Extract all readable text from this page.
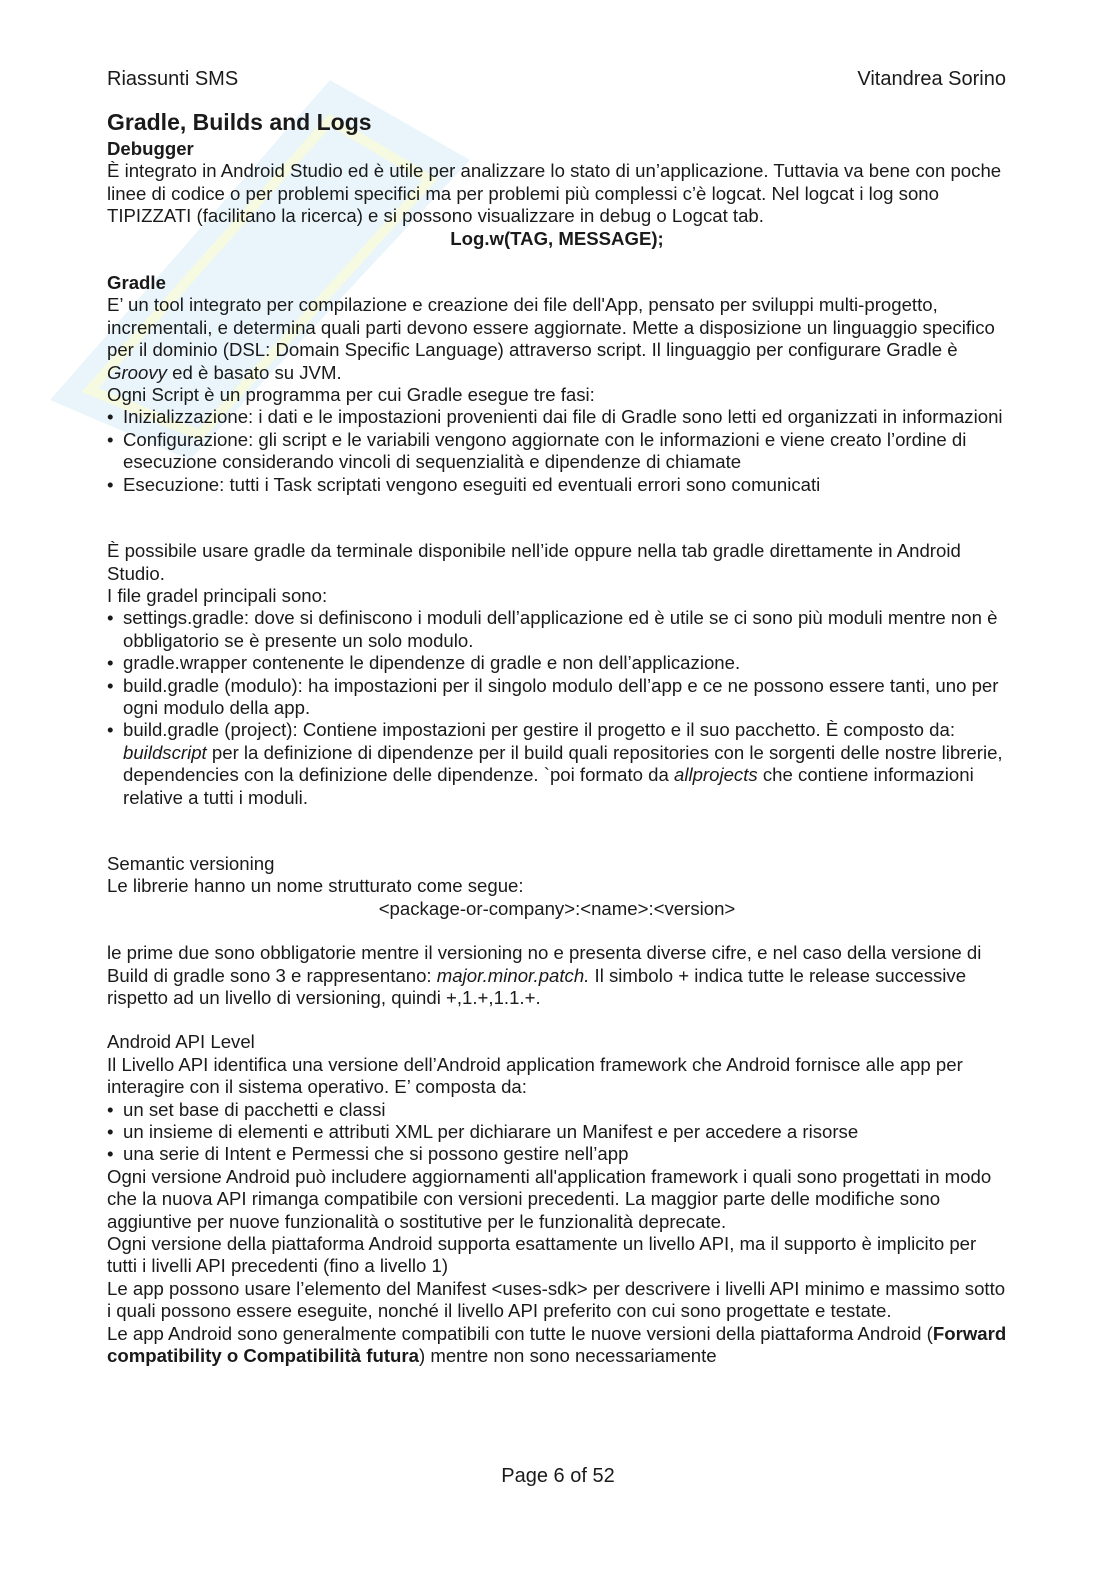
Riassunti SMS	Vitandrea Sorino
Gradle, Builds and Logs
Debugger

È integrato in Android Studio ed è utile per analizzare lo stato di un’applicazione. Tuttavia va bene con poche linee di codice o per problemi specifici ma per problemi più complessi c’è logcat. Nel logcat i log sono TIPIZZATI (facilitano la ricerca) e si possono visualizzare in debug o Logcat tab.

Log.w(TAG, MESSAGE);

Gradle

E’ un tool integrato per compilazione e creazione dei file dell'App, pensato per sviluppi multi-progetto, incrementali, e determina quali parti devono essere aggiornate. Mette a disposizione un linguaggio specifico per il dominio (DSL: Domain Specific Language) attraverso script. Il linguaggio per configurare Gradle è Groovy ed è basato su JVM.

Ogni Script è un programma per cui Gradle esegue tre fasi:

• Inizializzazione: i dati e le impostazioni provenienti dai file di Gradle sono letti ed organizzati in informazioni
• Configurazione: gli script e le variabili vengono aggiornate con le informazioni e viene creato l’ordine di esecuzione considerando vincoli di sequenzialità e dipendenze di chiamate
• Esecuzione: tutti i Task scriptati vengono eseguiti ed eventuali errori sono comunicati

È possibile usare gradle da terminale disponibile nell’ide oppure nella tab gradle direttamente in Android Studio.

I file gradel principali sono:

• settings.gradle: dove si definiscono i moduli dell’applicazione ed è utile se ci sono più moduli mentre non è obbligatorio se è presente un solo modulo.
• gradle.wrapper contenente le dipendenze di gradle e non dell’applicazione.
• build.gradle (modulo): ha impostazioni per il singolo modulo dell’app e ce ne possono essere tanti, uno per ogni modulo della app.
• build.gradle (project): Contiene impostazioni per gestire il progetto e il suo pacchetto. È composto da: buildscript per la definizione di dipendenze per il build quali repositories con le sorgenti delle nostre librerie, dependencies con la definizione delle dipendenze. `poi formato da allprojects che contiene informazioni relative a tutti i moduli.

Semantic versioning

Le librerie hanno un nome strutturato come segue:

<package-or-company>:<name>:<version>

le prime due sono obbligatorie mentre il versioning no e presenta diverse cifre, e nel caso della versione di Build di gradle sono 3 e rappresentano: major.minor.patch. Il simbolo + indica tutte le release successive rispetto ad un livello di versioning, quindi +,1.+,1.1.+.

Android API Level

Il Livello API identifica una versione dell’Android application framework che Android fornisce alle app per interagire con il sistema operativo. E’ composta da:

• un set base di pacchetti e classi
• un insieme di elementi e attributi XML per dichiarare un Manifest e per accedere a risorse
• una serie di Intent e Permessi che si possono gestire nell’app

Ogni versione Android può includere aggiornamenti all'application framework i quali sono progettati in modo che la nuova API rimanga compatibile con versioni precedenti. La maggior parte delle modifiche sono aggiuntive per nuove funzionalità o sostitutive per le funzionalità deprecate.

Ogni versione della piattaforma Android supporta esattamente un livello API, ma il supporto è implicito per tutti i livelli API precedenti (fino a livello 1)

Le app possono usare l’elemento del Manifest <uses-sdk> per descrivere i livelli API minimo e massimo sotto i quali possono essere eseguite, nonché il livello API preferito con cui sono progettate e testate.

Le app Android sono generalmente compatibili con tutte le nuove versioni della piattaforma Android (Forward compatibility o Compatibilità futura) mentre non sono necessariamente

Page 6 of 52
